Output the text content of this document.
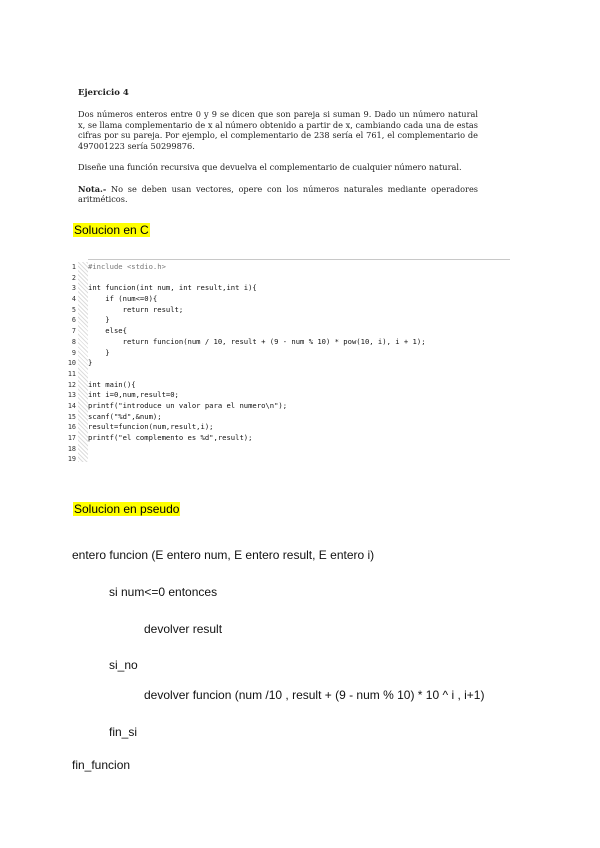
Ejercicio 4

Dos números enteros entre 0 y 9 se dicen que son pareja si suman 9. Dado un número natural x, se llama complementario de x al número obtenido a partir de x, cambiando cada una de estas cifras por su pareja. Por ejemplo, el complementario de 238 sería el 761, el complementario de 497001223 sería 50299876.

Diseñe una función recursiva que devuelva el complementario de cualquier número natural.

Nota.- No se deben usan vectores, opere con los números naturales mediante operadores aritméticos.

Solucion en C
1
2
3
4
5
6
7
8
9
10
11
12
13
14
15
16
17
18
19
#include <stdio.h>
int funcion(int num, int result,int i){
if (num<=0){
return result;
}
else{
return funcion(num / 10, result + (9 - num % 10) * pow(10, i), i + 1);
}
}
int main(){
int i=0,num,result=0;
printf("introduce un valor para el numero\n");
scanf("%d",&num);
result=funcion(num,result,i);
printf("el complemento es %d",result);
Solucion en pseudo
entero funcion (E entero num, E entero result, E entero i)
si num<=0 entonces
devolver result
si_no
devolver funcion (num /10 , result + (9 - num % 10) * 10 ^ i , i+1)
fin_si
fin_funcion
